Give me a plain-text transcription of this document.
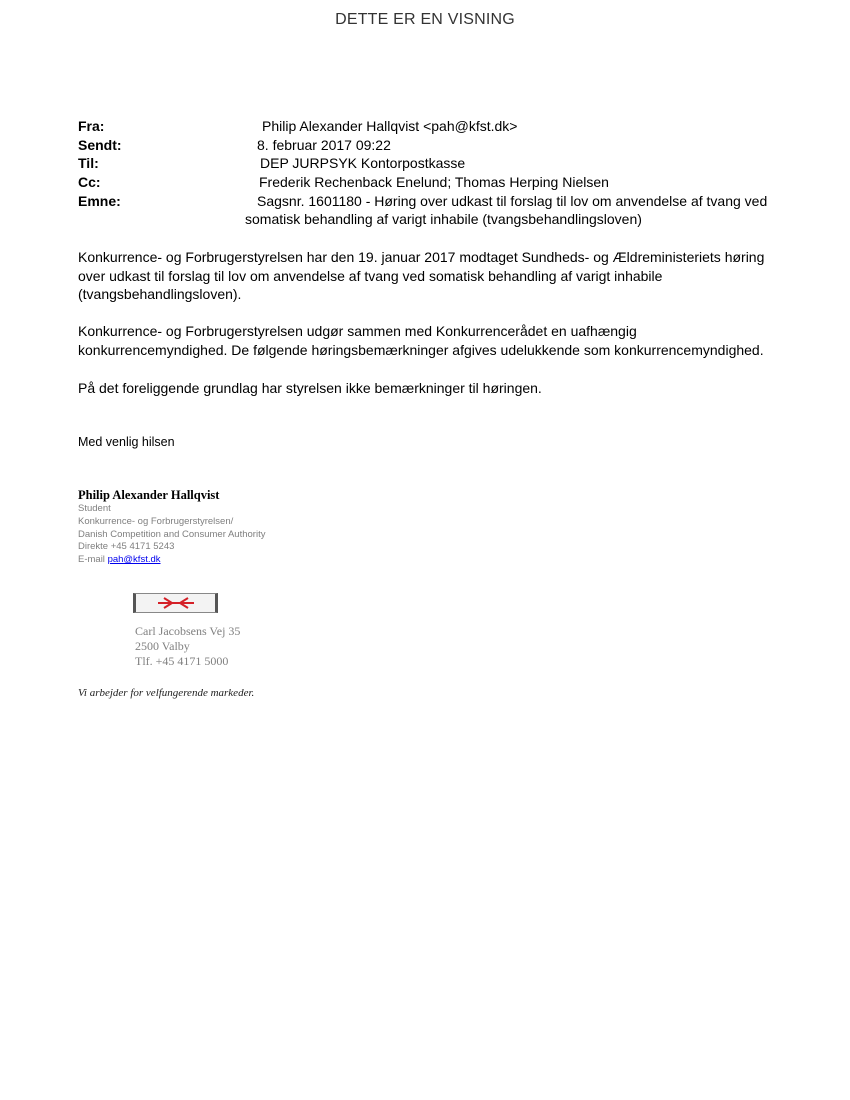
DETTE ER EN VISNING
Fra:	Philip Alexander Hallqvist <pah@kfst.dk>
Sendt:	8. februar 2017 09:22
Til:	DEP JURPSYK Kontorpostkasse
Cc:	Frederik Rechenback Enelund; Thomas Herping Nielsen
Emne:	Sagsnr. 1601180 - Høring over udkast til forslag til lov om anvendelse af tvang ved somatisk behandling af varigt inhabile (tvangsbehandlingsloven)
Konkurrence- og Forbrugerstyrelsen har den 19. januar 2017 modtaget Sundheds- og Ældreministeriets høring over udkast til forslag til lov om anvendelse af tvang ved somatisk behandling af varigt inhabile (tvangsbehandlingsloven).
Konkurrence- og Forbrugerstyrelsen udgør sammen med Konkurrencerådet en uafhængig konkurrencemyndighed. De følgende høringsbemærkninger afgives udelukkende som konkurrencemyndighed.
På det foreliggende grundlag har styrelsen ikke bemærkninger til høringen.
Med venlig hilsen
Philip Alexander Hallqvist
Student
Konkurrence- og Forbrugerstyrelsen/
Danish Competition and Consumer Authority
Direkte +45 4171 5243
E-mail pah@kfst.dk
Carl Jacobsens Vej 35
2500 Valby
Tlf. +45 4171 5000
Vi arbejder for velfungerende markeder.
